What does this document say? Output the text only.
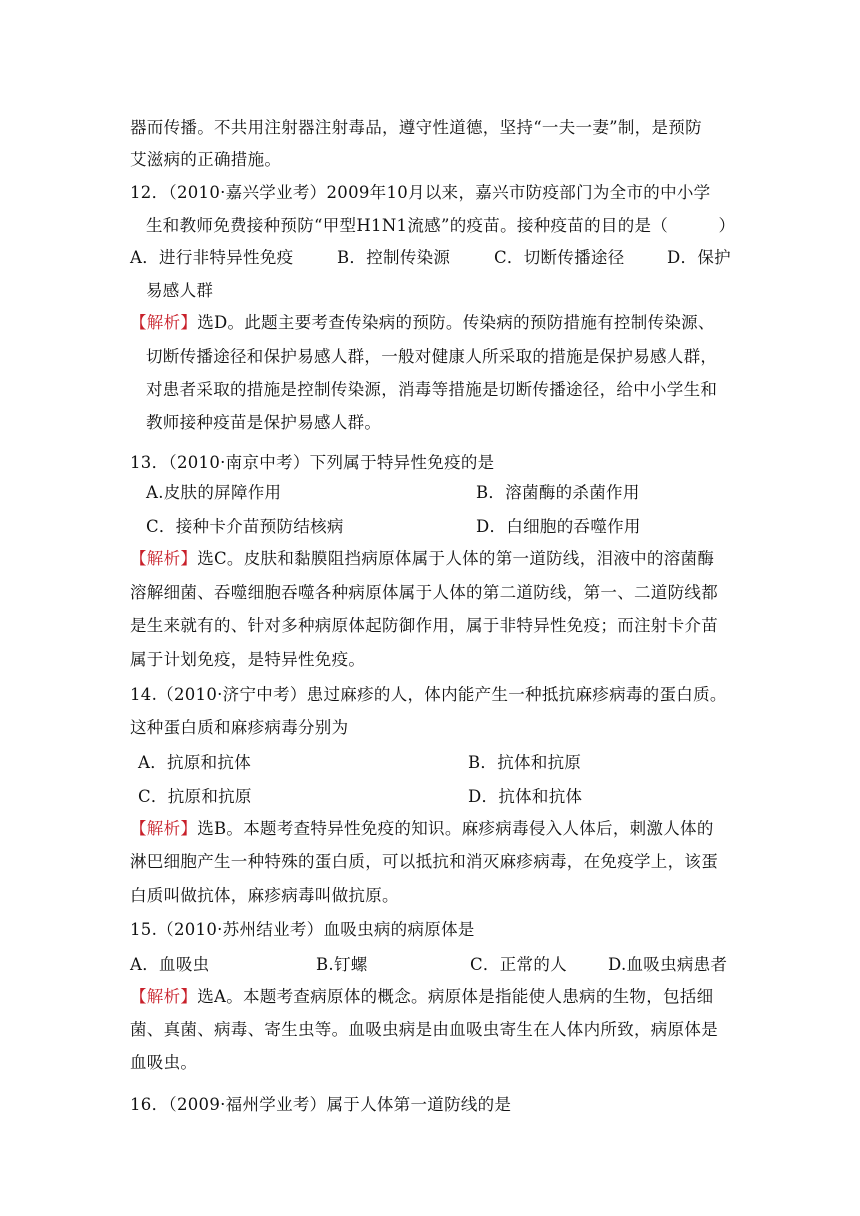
器而传播。不共用注射器注射毒品，遵守性道德，坚持“一夫一妻”制，是预防
艾滋病的正确措施。
12．（2010·嘉兴学业考）2009年10月以来，嘉兴市防疫部门为全市的中小学
生和教师免费接种预防“甲型H1N1流感”的疫苗。接种疫苗的目的是（　　　）
A．进行非特异性免疫	B．控制传染源	C．切断传播途径	D．保护
易感人群
【解析】选D。此题主要考查传染病的预防。传染病的预防措施有控制传染源、
切断传播途径和保护易感人群，一般对健康人所采取的措施是保护易感人群，
对患者采取的措施是控制传染源，消毒等措施是切断传播途径，给中小学生和
教师接种疫苗是保护易感人群。
13．（2010·南京中考）下列属于特异性免疫的是
A.皮肤的屏障作用	B．溶菌酶的杀菌作用
C．接种卡介苗预防结核病	D．白细胞的吞噬作用
【解析】选C。皮肤和黏膜阻挡病原体属于人体的第一道防线，泪液中的溶菌酶
溶解细菌、吞噬细胞吞噬各种病原体属于人体的第二道防线，第一、二道防线都
是生来就有的、针对多种病原体起防御作用，属于非特异性免疫；而注射卡介苗
属于计划免疫，是特异性免疫。
14.（2010·济宁中考）患过麻疹的人，体内能产生一种抵抗麻疹病毒的蛋白质。
这种蛋白质和麻疹病毒分别为
A．抗原和抗体	B．抗体和抗原
C．抗原和抗原	D．抗体和抗体
【解析】选B。本题考查特异性免疫的知识。麻疹病毒侵入人体后，刺激人体的
淋巴细胞产生一种特殊的蛋白质，可以抵抗和消灭麻疹病毒，在免疫学上，该蛋
白质叫做抗体，麻疹病毒叫做抗原。
15.（2010·苏州结业考）血吸虫病的病原体是
A．血吸虫	B.钉螺	C．正常的人 D.血吸虫病患者
【解析】选A。本题考查病原体的概念。病原体是指能使人患病的生物，包括细
菌、真菌、病毒、寄生虫等。血吸虫病是由血吸虫寄生在人体内所致，病原体是
血吸虫。
16．（2009·福州学业考）属于人体第一道防线的是
